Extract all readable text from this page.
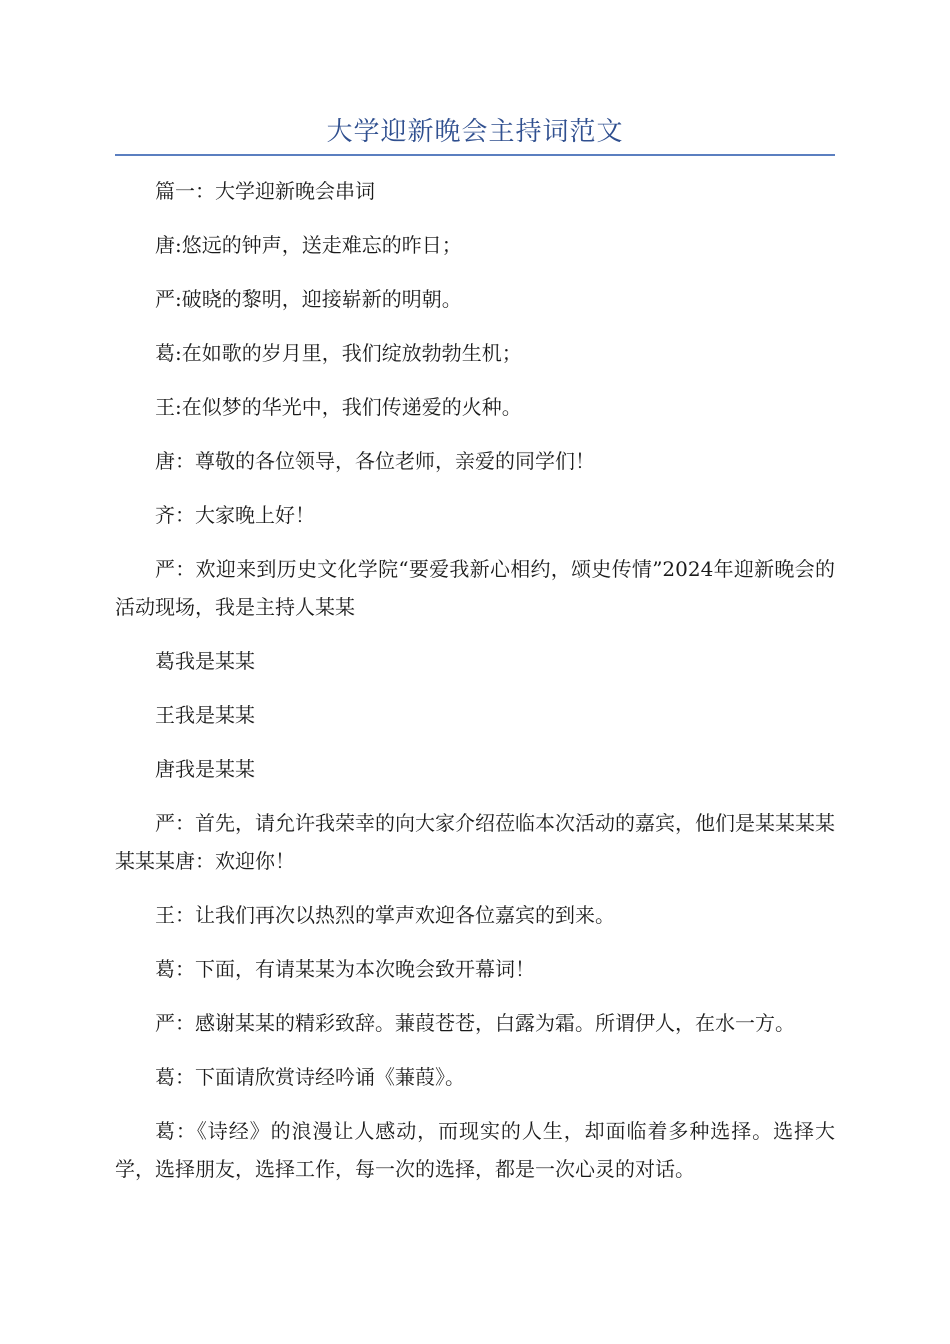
大学迎新晚会主持词范文

篇一：大学迎新晚会串词

唐:悠远的钟声，送走难忘的昨日；

严:破晓的黎明，迎接崭新的明朝。

葛:在如歌的岁月里，我们绽放勃勃生机；

王:在似梦的华光中，我们传递爱的火种。

唐：尊敬的各位领导，各位老师，亲爱的同学们！

齐：大家晚上好！

严：欢迎来到历史文化学院“要爱我新心相约，颂史传情”2024年迎新晚会的活动现场，我是主持人某某

葛我是某某

王我是某某

唐我是某某

严：首先，请允许我荣幸的向大家介绍莅临本次活动的嘉宾，他们是某某某某某某某唐：欢迎你！

王：让我们再次以热烈的掌声欢迎各位嘉宾的到来。

葛：下面，有请某某为本次晚会致开幕词！

严：感谢某某的精彩致辞。蒹葭苍苍，白露为霜。所谓伊人，在水一方。

葛：下面请欣赏诗经吟诵《蒹葭》。

葛：《诗经》的浪漫让人感动，而现实的人生，却面临着多种选择。选择大学，选择朋友，选择工作，每一次的选择，都是一次心灵的对话。
